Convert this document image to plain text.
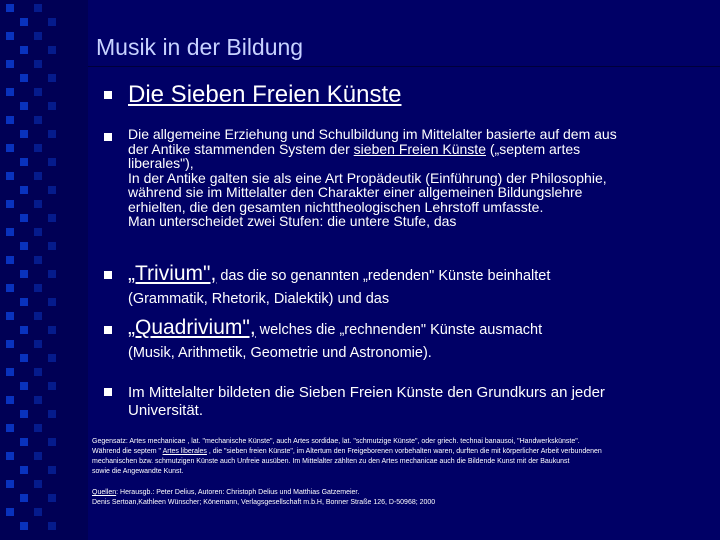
Musik in der Bildung
Die Sieben Freien Künste
Die allgemeine Erziehung und Schulbildung im Mittelalter basierte auf dem aus
der Antike stammenden System der sieben Freien Künste („septem artes
liberales"),
In der Antike galten sie als eine Art Propädeutik (Einführung) der Philosophie,
während sie im Mittelalter den Charakter einer allgemeinen Bildungslehre
erhielten, die den gesamten nichttheologischen Lehrstoff umfasste.
Man unterscheidet zwei Stufen: die untere Stufe, das
„Trivium", das die so genannten „redenden" Künste beinhaltet
(Grammatik, Rhetorik, Dialektik) und das
„Quadrivium", welches die „rechnenden" Künste ausmacht
(Musik, Arithmetik, Geometrie und Astronomie).
Im Mittelalter bildeten die Sieben Freien Künste den Grundkurs an jeder
Universität.
Gegensatz: Artes mechanicae , lat. "mechanische Künste", auch Artes sordidae, lat. "schmutzige Künste", oder griech. technai banausoi, "Handwerkskünste".
Während die septem " Artes liberales , die "sieben freien Künste", im Altertum den Freigeborenen vorbehalten waren, durften die mit körperlicher Arbeit verbundenen
mechanischen bzw. schmutzigen Künste auch Unfreie ausüben. Im Mittelalter zählten zu den Artes mechanicae auch die Bildende Kunst mit der Baukunst
sowie die Angewandte Kunst.
Quellen: Herausgb.: Peter Delius, Autoren: Christoph Delius und Matthias Gatzemeier.
Denis Sertoan,Kathleen Wünscher; Könemann, Verlagsgesellschaft m.b.H, Bonner Straße 126, D-50968; 2000
